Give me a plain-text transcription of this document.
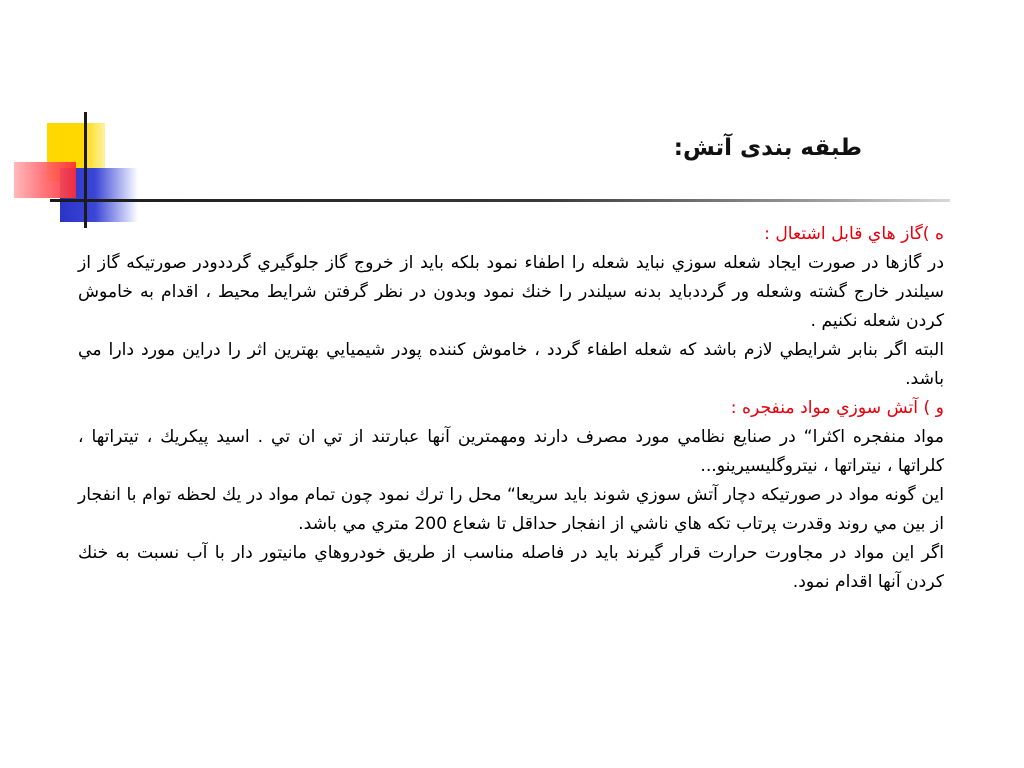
طبقه بندی آتش:

ه )گاز هاي قابل اشتعال :

در گازها در صورت ايجاد شعله سوزي نبايد شعله را اطفاء نمود بلكه بايد از خروج گاز جلوگيري گرددودر صورتيكه گاز از سيلندر خارج گشته وشعله ور گرددبايد بدنه سيلندر را خنك نمود وبدون در نظر گرفتن شرايط محيط ، اقدام به خاموش كردن شعله نكنيم .

البته اگر بنابر شرايطي لازم باشد كه شعله اطفاء گردد ، خاموش كننده پودر شيميايي بهترين اثر را دراين مورد دارا مي باشد.

و ) آتش سوزي مواد منفجره :

مواد منفجره اكثرا“ در صنايع نظامي مورد مصرف دارند ومهمترين آنها عبارتند از تي ان تي . اسيد پيكريك ، تيتراتها ، كلراتها ، نيتراتها ، نيتروگليسيرينو...

اين گونه مواد در صورتيكه دچار آتش سوزي شوند بايد سريعا“ محل را ترك نمود چون تمام مواد در يك لحظه توام با انفجار از بين مي روند وقدرت پرتاب تكه هاي ناشي از انفجار حداقل تا شعاع 200 متري مي باشد.

اگر اين مواد در مجاورت حرارت قرار گيرند بايد در فاصله مناسب از طريق خودروهاي مانيتور دار با آب نسبت به خنك كردن آنها اقدام نمود.
